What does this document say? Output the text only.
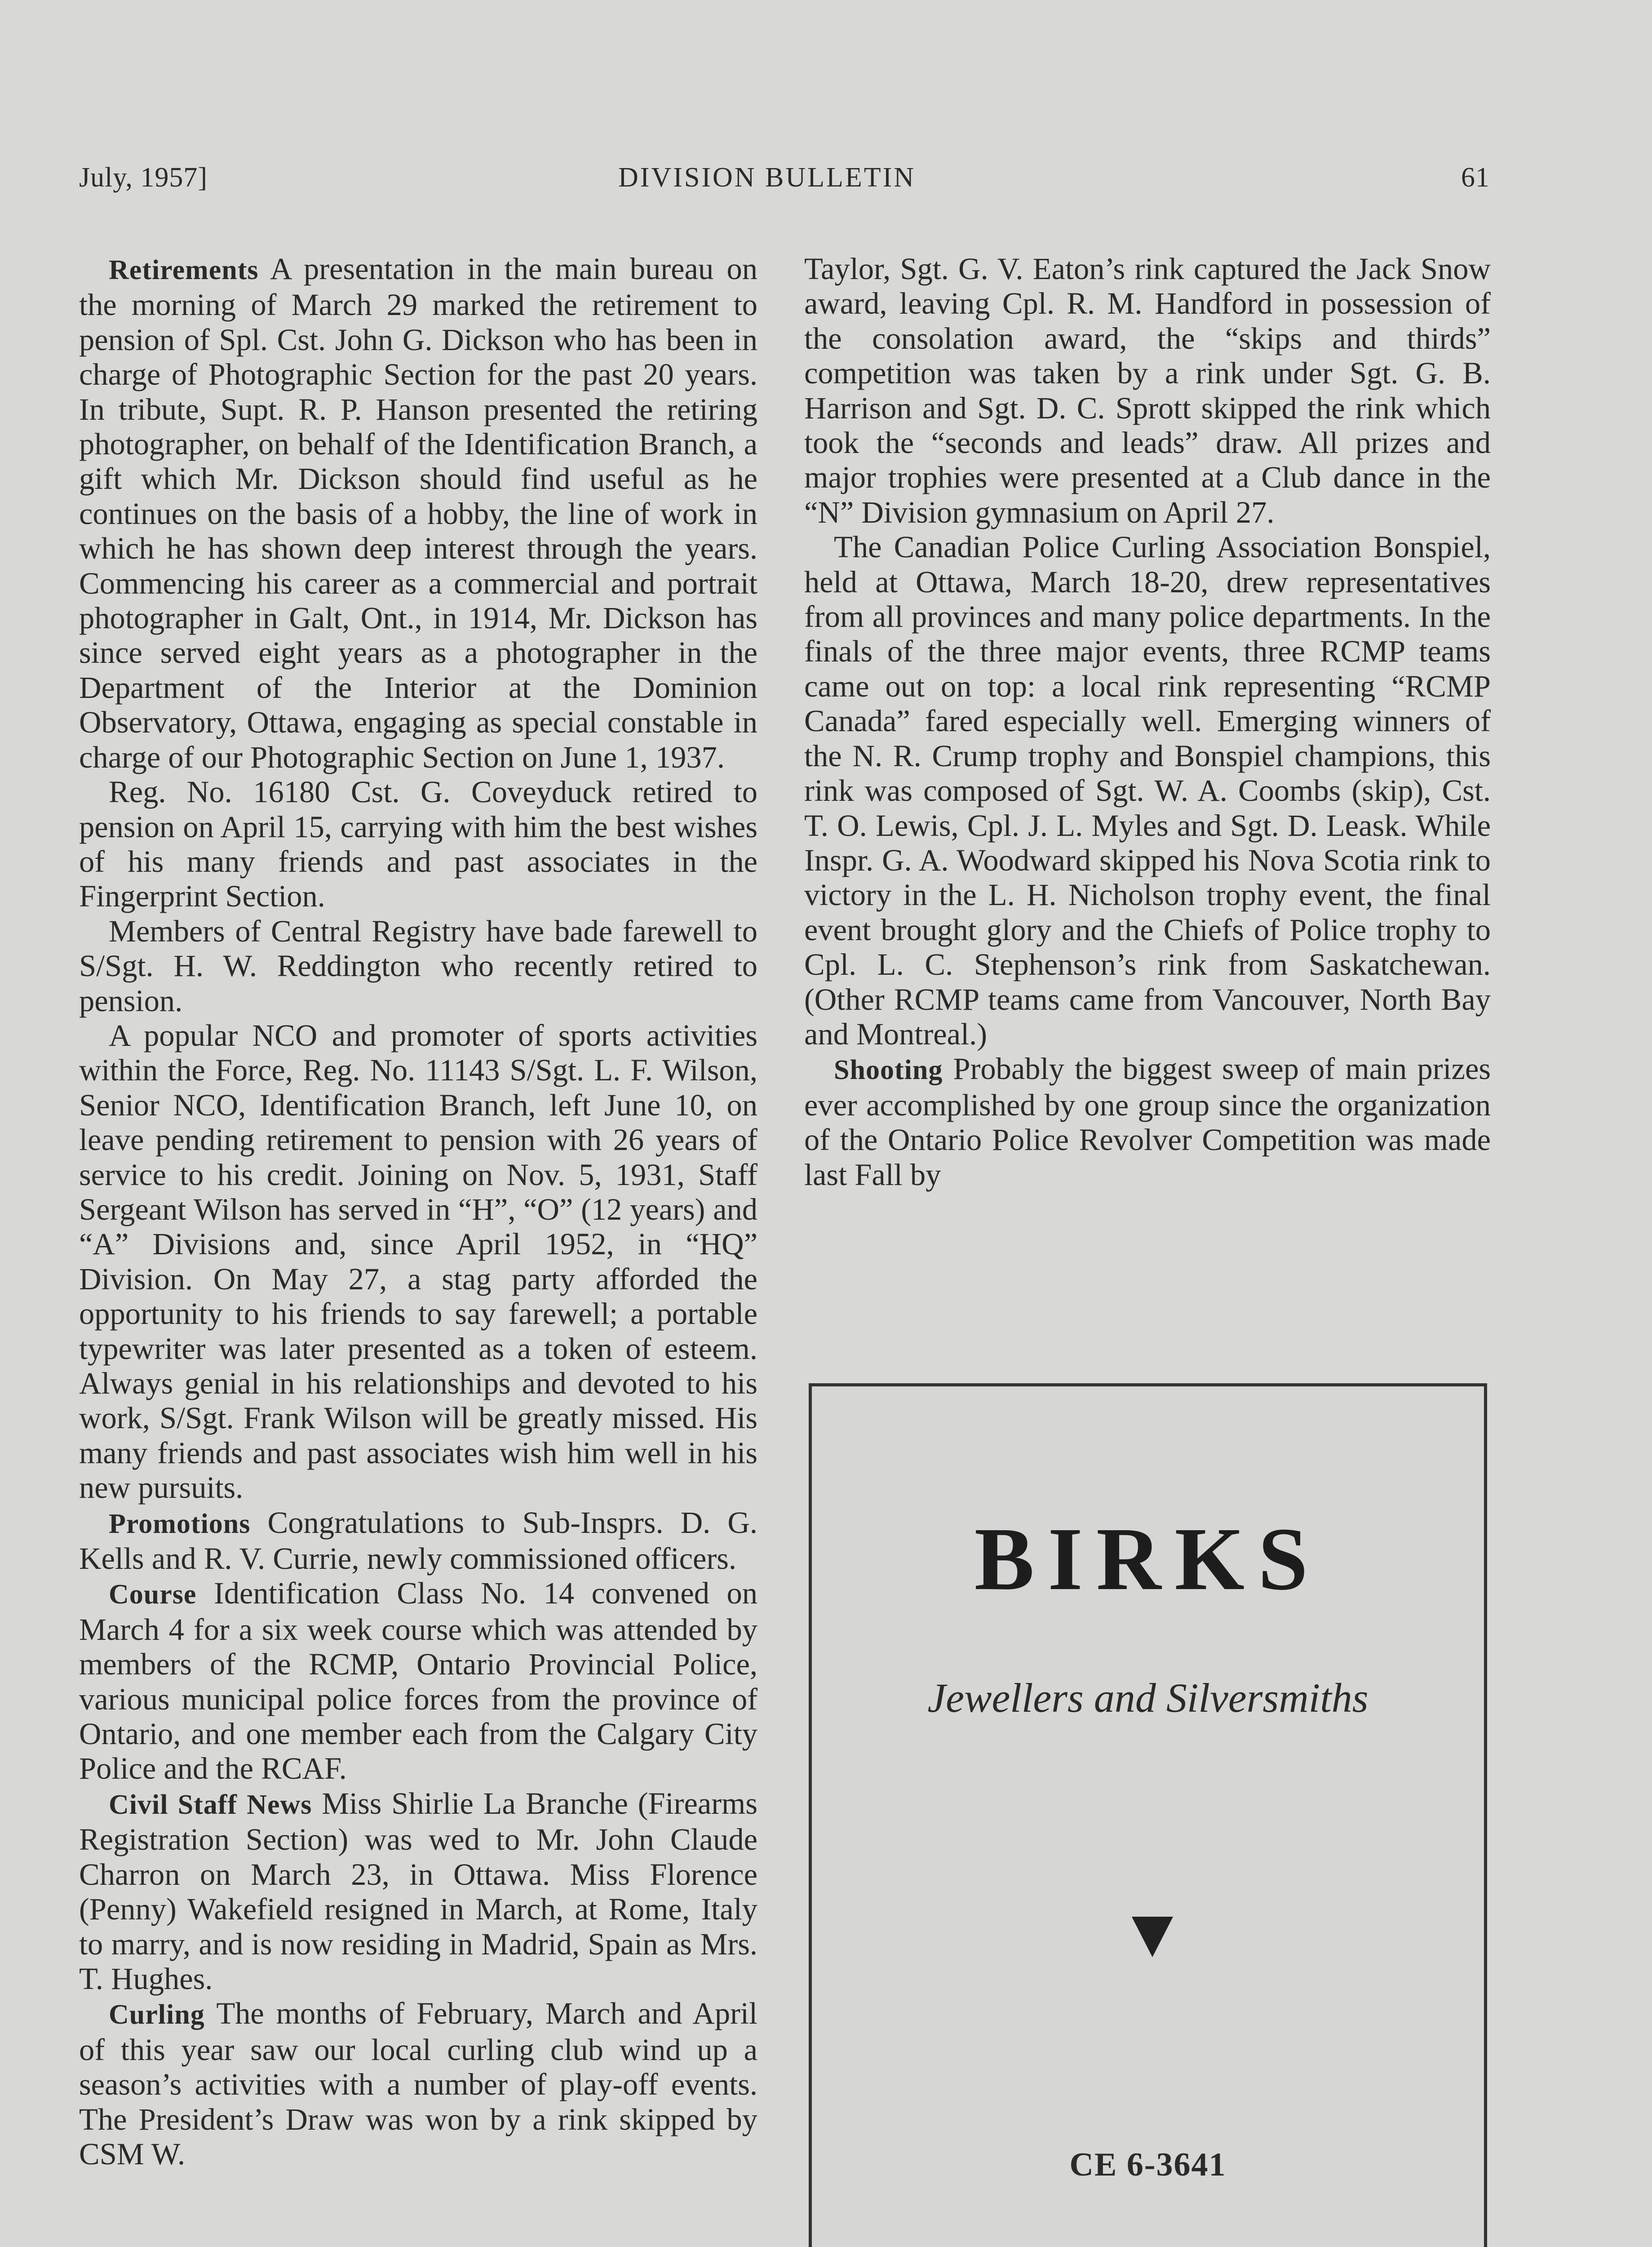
July, 1957]	DIVISION BULLETIN	61

Retirements A presentation in the main bureau on the morning of March 29 marked the retirement to pension of Spl. Cst. John G. Dickson who has been in charge of Photographic Section for the past 20 years. In tribute, Supt. R. P. Hanson presented the retiring photographer, on behalf of the Identification Branch, a gift which Mr. Dickson should find useful as he continues on the basis of a hobby, the line of work in which he has shown deep interest through the years. Commencing his career as a commercial and portrait photographer in Galt, Ont., in 1914, Mr. Dickson has since served eight years as a photographer in the Department of the Interior at the Dominion Observatory, Ottawa, engaging as special constable in charge of our Photographic Section on June 1, 1937.

Reg. No. 16180 Cst. G. Coveyduck retired to pension on April 15, carrying with him the best wishes of his many friends and past associates in the Fingerprint Section.

Members of Central Registry have bade farewell to S/Sgt. H. W. Reddington who recently retired to pension.

A popular NCO and promoter of sports activities within the Force, Reg. No. 11143 S/Sgt. L. F. Wilson, Senior NCO, Identification Branch, left June 10, on leave pending retirement to pension with 26 years of service to his credit. Joining on Nov. 5, 1931, Staff Sergeant Wilson has served in “H”, “O” (12 years) and “A” Divisions and, since April 1952, in “HQ” Division. On May 27, a stag party afforded the opportunity to his friends to say farewell; a portable typewriter was later presented as a token of esteem. Always genial in his relationships and devoted to his work, S/Sgt. Frank Wilson will be greatly missed. His many friends and past associates wish him well in his new pursuits.

Promotions Congratulations to Sub-Insprs. D. G. Kells and R. V. Currie, newly commissioned officers.

Course Identification Class No. 14 convened on March 4 for a six week course which was attended by members of the RCMP, Ontario Provincial Police, various municipal police forces from the province of Ontario, and one member each from the Calgary City Police and the RCAF.

Civil Staff News Miss Shirlie La Branche (Firearms Registration Section) was wed to Mr. John Claude Charron on March 23, in Ottawa. Miss Florence (Penny) Wakefield resigned in March, at Rome, Italy to marry, and is now residing in Madrid, Spain as Mrs. T. Hughes.

Curling The months of February, March and April of this year saw our local curling club wind up a season’s activities with a number of play-off events. The President’s Draw was won by a rink skipped by CSM W.

Taylor, Sgt. G. V. Eaton’s rink captured the Jack Snow award, leaving Cpl. R. M. Handford in possession of the consolation award, the “skips and thirds” competition was taken by a rink under Sgt. G. B. Harrison and Sgt. D. C. Sprott skipped the rink which took the “seconds and leads” draw. All prizes and major trophies were presented at a Club dance in the “N” Division gymnasium on April 27.

The Canadian Police Curling Association Bonspiel, held at Ottawa, March 18-20, drew representatives from all provinces and many police departments. In the finals of the three major events, three RCMP teams came out on top: a local rink representing “RCMP Canada” fared especially well. Emerging winners of the N. R. Crump trophy and Bonspiel champions, this rink was composed of Sgt. W. A. Coombs (skip), Cst. T. O. Lewis, Cpl. J. L. Myles and Sgt. D. Leask. While Inspr. G. A. Woodward skipped his Nova Scotia rink to victory in the L. H. Nicholson trophy event, the final event brought glory and the Chiefs of Police trophy to Cpl. L. C. Stephenson’s rink from Saskatchewan. (Other RCMP teams came from Vancouver, North Bay and Montreal.)

Shooting Probably the biggest sweep of main prizes ever accomplished by one group since the organization of the Ontario Police Revolver Competition was made last Fall by

BIRKS
Jewellers and Silversmiths
CE 6-3641
